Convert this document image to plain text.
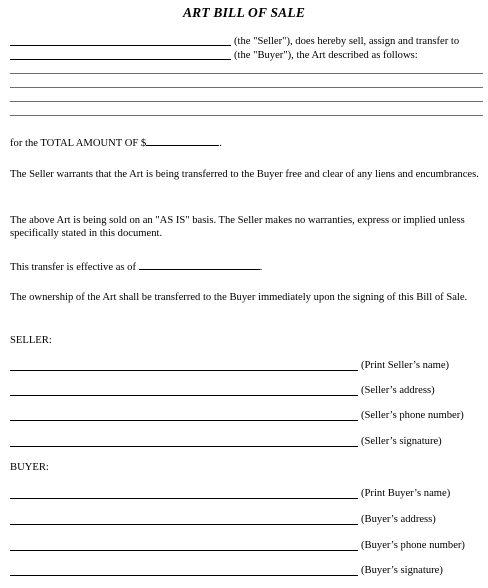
ART BILL OF SALE
(the "Seller"), does hereby sell, assign and transfer to
(the "Buyer"), the Art described as follows:
for the TOTAL AMOUNT OF $	.
The Seller warrants that the Art is being transferred to the Buyer free and clear of any liens and encumbrances.
The above Art is being sold on an "AS IS" basis. The Seller makes no warranties, express or implied unless specifically stated in this document.
This transfer is effective as of	.
The ownership of the Art shall be transferred to the Buyer immediately upon the signing of this Bill of Sale.
SELLER:
(Print Seller’s name)
(Seller’s address)
(Seller’s phone number)
(Seller’s signature)
BUYER:
(Print Buyer’s name)
(Buyer’s address)
(Buyer’s phone number)
(Buyer’s signature)
